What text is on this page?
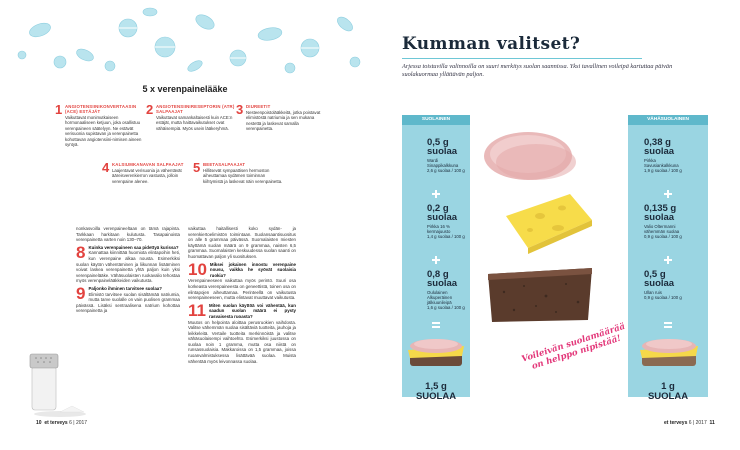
5 x verenpainelääke
1 ANGIOTENSIINIKONVERTAASIN (ACE) ESTÄJÄT
Vaikuttavat monimutkaiseen hormonaaliseen ketjuun, joka osallistuu verenpaineen säätelyyn. Ne estävät verisuonia supistavan ja verenpainetta kohottavan angiotensiini-nimisen aineen syntyä.
2 ANGIOTENSIINIRESEPTORIN (ATR) SALPAAJAT
Vaikuttavat samankaltaisesti kuin ACE:n estäjät, mutta haittavaikutukset ovat vähäisempiä. Myös usein lääkeryhmä.
3 DIUREETIT
Nesteenpoistolääkkeitä, jotka poistavat elimistöstä natriumia ja sen mukana nestettä ja laskevat samalla verenpainetta.
4 KALSIUMKANAVAN SALPAAJAT
Laajentavat verisuonia ja vähentävät ääreisverenkierron vastusta, jolloin verenpaine alenee.
5 BEETASALPAAJAT
Hillitsevät sympaattisen hermoston aiheuttamaa sydämen toiminnan kiihtymistä ja laskevat näin verenpainetta.

nonkasvoilla verenpaineeltaan on tämä rajapinta. Tarkkaan harkitaan kulutusta. Tasapainoista verenpainetta varten noin 130–70.

8 Kuinka verenpaineen saa pidettyä kurissa?
Kannattaa kiinnittää huomiota elintapoihin heti, kun verenpaine alkaa nousta. Esimerkiksi suolan käytön vähentäminen ja liikunnan lisääminen voivat laskea verenpainetta yhtä paljon kuin yksi verenpainelääke. Vähäsuolaisten ruokavalio tehostaa myös verenpainelääkkeiden vaikutusta.

9 Paljonko ihminen tarvitsee suolaa?
Elimistö tarvitsee suolan sisältämää natriumia, mutta tarve suolalle on vain puolisen grammaa päivässä. Lisäksi sentraalisena natrium kohottaa verenpainetta ja

vaikuttaa haitallisesti koko sydän- ja verenkiertoelimistön toimintaan. Suolansaantisuositus on alle 5 grammaa päivässä. Suomalaisten miesten käyttämä suolan määrä on 9 grammaa, naisten 6,5 grammaa. Suomalaisten keskuudessa suolan saanti on huomattavan paljon yli suosituksen.

10 Miksei jokainen innostu verenpaine nousu, vaikka he syövät suolaisia ruokia?
Verenpaineeseen vaikuttaa myös perintö. Suuri osa korkeasta verenpaineesta on geneettistä, toinen osa on elintapojen aiheuttamaa. Perinteellä on vaikutusta verenpaineeseen, mutta elintavat muuttavat vaikutusta.

11 Miten suolan käyttöä voi vähentää, kun saadun suolan määrä ei pysty rasvaisesta ruoasta?
Muutos on helpointa aloittaa perusruokien vaihdosta. Valitse vähemmän suolaa sisältäviä tuotteita, jauhoja ja leikkeleitä. Vertaile tuotteita merkinnöistä ja valitse vähäsuolaisempi vaihtoehto. Esimerkiksi juustossa on suolaa noin 1 gramma, mutta osa niistä on runsassuolaisia. Makkaroissa on 1,5 grammaa, joissa ruoanvalmistuksessa lisättävää suolaa. Muista vähentää myös leivonnassa suolaa.

10 et terveys 6 | 2017
Kumman valitset?
Arjessa toistuvilla valinnoilla on suuri merkitys suolan saannissa. Yksi tavallinen voileipä kartuttaa päivän suolakuormaa yllättävän paljon.
SUOLAINEN	VÄHÄSUOLAINEN
0,5 g
suolaa
Wardi
Sinappikalkkuna
2,6 g suolaa / 100 g
0,2 g
suolaa
Pirkka 16 %
kermajuusto
1,4 g suolaa / 100 g
0,8 g
suolaa
Oululainen
Alkuperäinen jälkiuunileipä
1,6 g suolaa / 100 g
1,5 g
SUOLAA
Voileivän suolamäärää on helppo nipistää!
0,38 g
suolaa
Pirkka
Savusiankalkkuna
1,9 g suolaa / 100 g
0,135 g
suolaa
Valio Oltermanni
vähemmän suolaa
0,9 g suolaa / 100 g
0,5 g
suolaa
Ullan ruis
0,9 g suolaa / 100 g
1 g
SUOLAA
et terveys 6 | 2017 11
